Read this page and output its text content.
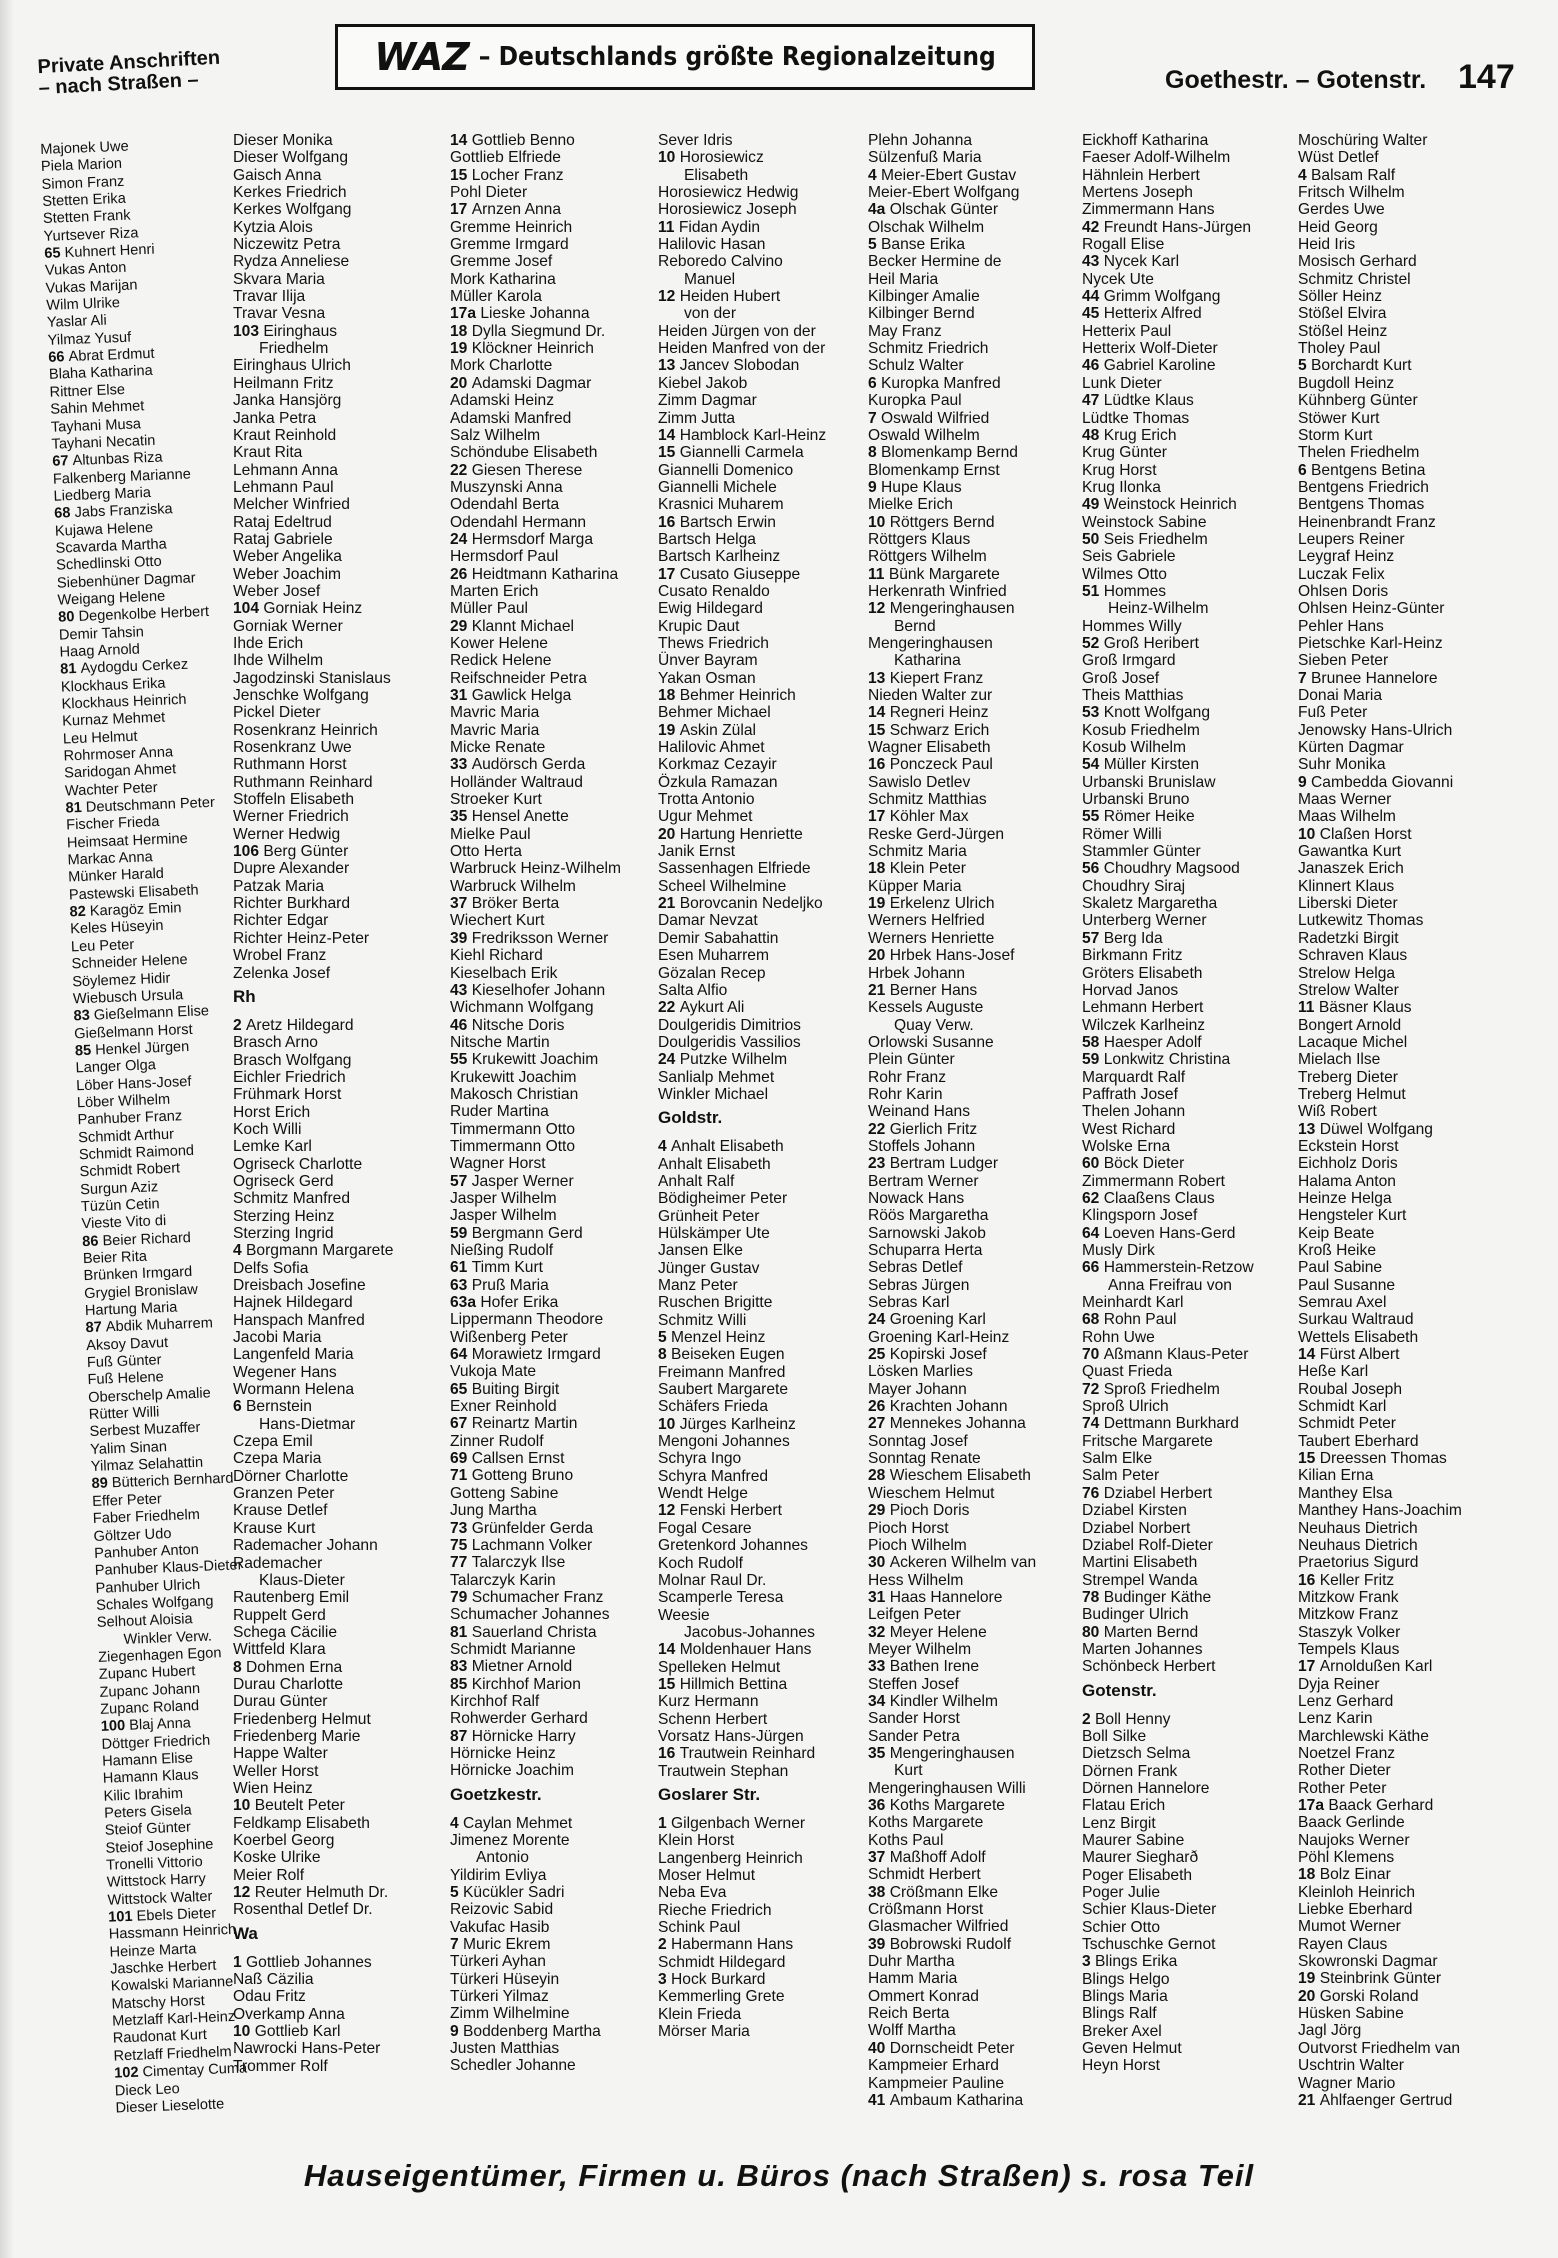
Private Anschriften
– nach Straßen –
WAZ – Deutschlands größte Regionalzeitung
Goethestr. – Gotenstr. 147
Majonek Uwe
Piela Marion
Simon Franz
Stetten Erika
Stetten Frank
Yurtsever Riza
65 Kuhnert Henri
Vukas Anton
Vukas Marijan
Wilm Ulrike
Yaslar Ali
Yilmaz Yusuf
66 Abrat Erdmut
Blaha Katharina
Rittner Else
Sahin Mehmet
Tayhani Musa
Tayhani Necatin
67 Altunbas Riza
Falkenberg Marianne
Liedberg Maria
68 Jabs Franziska
Kujawa Helene
Scavarda Martha
Schedlinski Otto
Siebenhüner Dagmar
Weigang Helene
80 Degenkolbe Herbert
Demir Tahsin
Haag Arnold
81 Aydogdu Cerkez
Klockhaus Erika
Klockhaus Heinrich
Kurnaz Mehmet
Leu Helmut
Rohrmoser Anna
Saridogan Ahmet
Wachter Peter
81 Deutschmann Peter
Fischer Frieda
Heimsaat Hermine
Markac Anna
Münker Harald
Pastewski Elisabeth
82 Karagöz Emin
Keles Hüseyin
Leu Peter
Schneider Helene
Söylemez Hidir
Wiebusch Ursula
83 Gießelmann Elise
Gießelmann Horst
85 Henkel Jürgen
Langer Olga
Löber Hans-Josef
Löber Wilhelm
Panhuber Franz
Schmidt Arthur
Schmidt Raimond
Schmidt Robert
Surgun Aziz
Tüzün Cetin
Vieste Vito di
86 Beier Richard
Beier Rita
Brünken Irmgard
Grygiel Bronislaw
Hartung Maria
87 Abdik Muharrem
Aksoy Davut
Fuß Günter
Fuß Helene
Oberschelp Amalie
Rütter Willi
Serbest Muzaffer
Yalim Sinan
Yilmaz Selahattin
89 Bütterich Bernhard
Effer Peter
Faber Friedhelm
Göltzer Udo
Panhuber Anton
Panhuber Klaus-Dieter
Panhuber Ulrich
Schales Wolfgang
Selhout Aloisia
Winkler Verw.
Ziegenhagen Egon
Zupanc Hubert
Zupanc Johann
Zupanc Roland
100 Blaj Anna
Döttger Friedrich
Hamann Elise
Hamann Klaus
Kilic Ibrahim
Peters Gisela
Steiof Günter
Steiof Josephine
Tronelli Vittorio
Wittstock Harry
Wittstock Walter
101 Ebels Dieter
Hassmann Heinrich
Heinze Marta
Jaschke Herbert
Kowalski Marianne
Matschy Horst
Metzlaff Karl-Heinz
Raudonat Kurt
Retzlaff Friedhelm
102 Cimentay Cuma
Dieck Leo
Dieser Lieselotte
Dieser Monika
Dieser Wolfgang
Gaisch Anna
Kerkes Friedrich
Kerkes Wolfgang
Kytzia Alois
Niczewitz Petra
Rydza Anneliese
Skvara Maria
Travar Ilija
Travar Vesna
103 Eiringhaus
Friedhelm
Eiringhaus Ulrich
Heilmann Fritz
Janka Hansjörg
Janka Petra
Kraut Reinhold
Kraut Rita
Lehmann Anna
Lehmann Paul
Melcher Winfried
Rataj Edeltrud
Rataj Gabriele
Weber Angelika
Weber Joachim
Weber Josef
104 Gorniak Heinz
Gorniak Werner
Ihde Erich
Ihde Wilhelm
Jagodzinski Stanislaus
Jenschke Wolfgang
Pickel Dieter
Rosenkranz Heinrich
Rosenkranz Uwe
Ruthmann Horst
Ruthmann Reinhard
Stoffeln Elisabeth
Werner Friedrich
Werner Hedwig
106 Berg Günter
Dupre Alexander
Patzak Maria
Richter Burkhard
Richter Edgar
Richter Heinz-Peter
Wrobel Franz
Zelenka Josef
Rh
2 Aretz Hildegard
Brasch Arno
Brasch Wolfgang
Eichler Friedrich
Frühmark Horst
Horst Erich
Koch Willi
Lemke Karl
Ogriseck Charlotte
Ogriseck Gerd
Schmitz Manfred
Sterzing Heinz
Sterzing Ingrid
4 Borgmann Margarete
Delfs Sofia
Dreisbach Josefine
Hajnek Hildegard
Hanspach Manfred
Jacobi Maria
Langenfeld Maria
Wegener Hans
Wormann Helena
6 Bernstein
Hans-Dietmar
Czepa Emil
Czepa Maria
Dörner Charlotte
Granzen Peter
Krause Detlef
Krause Kurt
Rademacher Johann
Rademacher
Klaus-Dieter
Rautenberg Emil
Ruppelt Gerd
Schega Cäcilie
Wittfeld Klara
8 Dohmen Erna
Durau Charlotte
Durau Günter
Friedenberg Helmut
Friedenberg Marie
Happe Walter
Weller Horst
Wien Heinz
10 Beutelt Peter
Feldkamp Elisabeth
Koerbel Georg
Koske Ulrike
Meier Rolf
12 Reuter Helmuth Dr.
Rosenthal Detlef Dr.
Wa
1 Gottlieb Johannes
Naß Cäzilia
Odau Fritz
Overkamp Anna
10 Gottlieb Karl
Nawrocki Hans-Peter
Trommer Rolf
14 Gottlieb Benno
Gottlieb Elfriede
15 Locher Franz
Pohl Dieter
17 Arnzen Anna
Gremme Heinrich
Gremme Irmgard
Gremme Josef
Mork Katharina
Müller Karola
17a Lieske Johanna
18 Dylla Siegmund Dr.
19 Klöckner Heinrich
Mork Charlotte
20 Adamski Dagmar
Adamski Heinz
Adamski Manfred
Salz Wilhelm
Schöndube Elisabeth
22 Giesen Therese
Muszynski Anna
Odendahl Berta
Odendahl Hermann
24 Hermsdorf Marga
Hermsdorf Paul
26 Heidtmann Katharina
Marten Erich
Müller Paul
29 Klannt Michael
Kower Helene
Redick Helene
Reifschneider Petra
31 Gawlick Helga
Mavric Maria
Mavric Maria
Micke Renate
33 Audörsch Gerda
Holländer Waltraud
Stroeker Kurt
35 Hensel Anette
Mielke Paul
Otto Herta
Warbruck Heinz-Wilhelm
Warbruck Wilhelm
37 Bröker Berta
Wiechert Kurt
39 Fredriksson Werner
Kiehl Richard
Kieselbach Erik
43 Kieselhofer Johann
Wichmann Wolfgang
46 Nitsche Doris
Nitsche Martin
55 Krukewitt Joachim
Krukewitt Joachim
Makosch Christian
Ruder Martina
Timmermann Otto
Timmermann Otto
Wagner Horst
57 Jasper Werner
Jasper Wilhelm
Jasper Wilhelm
59 Bergmann Gerd
Nießing Rudolf
61 Timm Kurt
63 Pruß Maria
63a Hofer Erika
Lippermann Theodore
Wißenberg Peter
64 Morawietz Irmgard
Vukoja Mate
65 Buiting Birgit
Exner Reinhold
67 Reinartz Martin
Zinner Rudolf
69 Callsen Ernst
71 Gotteng Bruno
Gotteng Sabine
Jung Martha
73 Grünfelder Gerda
75 Lachmann Volker
77 Talarczyk Ilse
Talarczyk Karin
79 Schumacher Franz
Schumacher Johannes
81 Sauerland Christa
Schmidt Marianne
83 Mietner Arnold
85 Kirchhof Marion
Kirchhof Ralf
Rohwerder Gerhard
87 Hörnicke Harry
Hörnicke Heinz
Hörnicke Joachim
Goetzkestr.
4 Caylan Mehmet
Jimenez Morente
Antonio
Yildirim Evliya
5 Kücükler Sadri
Reizovic Sabid
Vakufac Hasib
7 Muric Ekrem
Türkeri Ayhan
Türkeri Hüseyin
Türkeri Yilmaz
Zimm Wilhelmine
9 Boddenberg Martha
Justen Matthias
Schedler Johanne
Sever Idris
10 Horosiewicz
Elisabeth
Horosiewicz Hedwig
Horosiewicz Joseph
11 Fidan Aydin
Halilovic Hasan
Reboredo Calvino
Manuel
12 Heiden Hubert
von der
Heiden Jürgen von der
Heiden Manfred von der
13 Jancev Slobodan
Kiebel Jakob
Zimm Dagmar
Zimm Jutta
14 Hamblock Karl-Heinz
15 Giannelli Carmela
Giannelli Domenico
Giannelli Michele
Krasnici Muharem
16 Bartsch Erwin
Bartsch Helga
Bartsch Karlheinz
17 Cusato Giuseppe
Cusato Renaldo
Ewig Hildegard
Krupic Daut
Thews Friedrich
Ünver Bayram
Yakan Osman
18 Behmer Heinrich
Behmer Michael
19 Askin Zülal
Halilovic Ahmet
Korkmaz Cezayir
Özkula Ramazan
Trotta Antonio
Ugur Mehmet
20 Hartung Henriette
Janik Ernst
Sassenhagen Elfriede
Scheel Wilhelmine
21 Borovcanin Nedeljko
Damar Nevzat
Demir Sabahattin
Esen Muharrem
Gözalan Recep
Salta Alfio
22 Aykurt Ali
Doulgeridis Dimitrios
Doulgeridis Vassilios
24 Putzke Wilhelm
Sanlialp Mehmet
Winkler Michael
Goldstr.
4 Anhalt Elisabeth
Anhalt Elisabeth
Anhalt Ralf
Bödigheimer Peter
Grünheit Peter
Hülskämper Ute
Jansen Elke
Jünger Gustav
Manz Peter
Ruschen Brigitte
Schmitz Willi
5 Menzel Heinz
8 Beiseken Eugen
Freimann Manfred
Saubert Margarete
Schäfers Frieda
10 Jürges Karlheinz
Mengoni Johannes
Schyra Ingo
Schyra Manfred
Wendt Helge
12 Fenski Herbert
Fogal Cesare
Gretenkord Johannes
Koch Rudolf
Molnar Raul Dr.
Scamperle Teresa
Weesie
Jacobus-Johannes
14 Moldenhauer Hans
Spelleken Helmut
15 Hillmich Bettina
Kurz Hermann
Schenn Herbert
Vorsatz Hans-Jürgen
16 Trautwein Reinhard
Trautwein Stephan
Goslarer Str.
1 Gilgenbach Werner
Klein Horst
Langenberg Heinrich
Moser Helmut
Neba Eva
Rieche Friedrich
Schink Paul
2 Habermann Hans
Schmidt Hildegard
3 Hock Burkard
Kemmerling Grete
Klein Frieda
Mörser Maria
Plehn Johanna
Sülzenfuß Maria
4 Meier-Ebert Gustav
Meier-Ebert Wolfgang
4a Olschak Günter
Olschak Wilhelm
5 Banse Erika
Becker Hermine de
Heil Maria
Kilbinger Amalie
Kilbinger Bernd
May Franz
Schmitz Friedrich
Schulz Walter
6 Kuropka Manfred
Kuropka Paul
7 Oswald Wilfried
Oswald Wilhelm
8 Blomenkamp Bernd
Blomenkamp Ernst
9 Hupe Klaus
Mielke Erich
10 Röttgers Bernd
Röttgers Klaus
Röttgers Wilhelm
11 Bünk Margarete
Herkenrath Winfried
12 Mengeringhausen
Bernd
Mengeringhausen
Katharina
13 Kiepert Franz
Nieden Walter zur
14 Regneri Heinz
15 Schwarz Erich
Wagner Elisabeth
16 Ponczeck Paul
Sawislo Detlev
Schmitz Matthias
17 Köhler Max
Reske Gerd-Jürgen
Schmitz Maria
18 Klein Peter
Küpper Maria
19 Erkelenz Ulrich
Werners Helfried
Werners Henriette
20 Hrbek Hans-Josef
Hrbek Johann
21 Berner Hans
Kessels Auguste
Quay Verw.
Orlowski Susanne
Plein Günter
Rohr Franz
Rohr Karin
Weinand Hans
22 Gierlich Fritz
Stoffels Johann
23 Bertram Ludger
Bertram Werner
Nowack Hans
Röös Margaretha
Sarnowski Jakob
Schuparra Herta
Sebras Detlef
Sebras Jürgen
Sebras Karl
24 Groening Karl
Groening Karl-Heinz
25 Kopirski Josef
Lösken Marlies
Mayer Johann
26 Krachten Johann
27 Mennekes Johanna
Sonntag Josef
Sonntag Renate
28 Wieschem Elisabeth
Wieschem Helmut
29 Pioch Doris
Pioch Horst
Pioch Wilhelm
30 Ackeren Wilhelm van
Hess Wilhelm
31 Haas Hannelore
Leifgen Peter
32 Meyer Helene
Meyer Wilhelm
33 Bathen Irene
Steffen Josef
34 Kindler Wilhelm
Sander Horst
Sander Petra
35 Mengeringhausen
Kurt
Mengeringhausen Willi
36 Koths Margarete
Koths Margarete
Koths Paul
37 Maßhoff Adolf
Schmidt Herbert
38 Crößmann Elke
Crößmann Horst
Glasmacher Wilfried
39 Bobrowski Rudolf
Duhr Martha
Hamm Maria
Ommert Konrad
Reich Berta
Wolff Martha
40 Dornscheidt Peter
Kampmeier Erhard
Kampmeier Pauline
41 Ambaum Katharina
Eickhoff Katharina
Faeser Adolf-Wilhelm
Hähnlein Herbert
Mertens Joseph
Zimmermann Hans
42 Freundt Hans-Jürgen
Rogall Elise
43 Nycek Karl
Nycek Ute
44 Grimm Wolfgang
45 Hetterix Alfred
Hetterix Paul
Hetterix Wolf-Dieter
46 Gabriel Karoline
Lunk Dieter
47 Lüdtke Klaus
Lüdtke Thomas
48 Krug Erich
Krug Günter
Krug Horst
Krug Ilonka
49 Weinstock Heinrich
Weinstock Sabine
50 Seis Friedhelm
Seis Gabriele
Wilmes Otto
51 Hommes
Heinz-Wilhelm
Hommes Willy
52 Groß Heribert
Groß Irmgard
Groß Josef
Theis Matthias
53 Knott Wolfgang
Kosub Friedhelm
Kosub Wilhelm
54 Müller Kirsten
Urbanski Brunislaw
Urbanski Bruno
55 Römer Heike
Römer Willi
Stammler Günter
56 Choudhry Magsood
Choudhry Siraj
Skaletz Margaretha
Unterberg Werner
57 Berg Ida
Birkmann Fritz
Gröters Elisabeth
Horvad Janos
Lehmann Herbert
Wilczek Karlheinz
58 Haesper Adolf
59 Lonkwitz Christina
Marquardt Ralf
Paffrath Josef
Thelen Johann
West Richard
Wolske Erna
60 Böck Dieter
Zimmermann Robert
62 Claaßens Claus
Klingsporn Josef
64 Loeven Hans-Gerd
Musly Dirk
66 Hammerstein-Retzow
Anna Freifrau von
Meinhardt Karl
68 Rohn Paul
Rohn Uwe
70 Aßmann Klaus-Peter
Quast Frieda
72 Sproß Friedhelm
Sproß Ulrich
74 Dettmann Burkhard
Fritsche Margarete
Salm Elke
Salm Peter
76 Dziabel Herbert
Dziabel Kirsten
Dziabel Norbert
Dziabel Rolf-Dieter
Martini Elisabeth
Strempel Wanda
78 Budinger Käthe
Budinger Ulrich
80 Marten Bernd
Marten Johannes
Schönbeck Herbert
Gotenstr.
2 Boll Henny
Boll Silke
Dietzsch Selma
Dörnen Frank
Dörnen Hannelore
Flatau Erich
Lenz Birgit
Maurer Sabine
Maurer Siegharð
Poger Elisabeth
Poger Julie
Schier Klaus-Dieter
Schier Otto
Tschuschke Gernot
3 Blings Erika
Blings Helgo
Blings Maria
Blings Ralf
Breker Axel
Geven Helmut
Heyn Horst
Moschüring Walter
Wüst Detlef
4 Balsam Ralf
Fritsch Wilhelm
Gerdes Uwe
Heid Georg
Heid Iris
Mosisch Gerhard
Schmitz Christel
Söller Heinz
Stößel Elvira
Stößel Heinz
Tholey Paul
5 Borchardt Kurt
Bugdoll Heinz
Kühnberg Günter
Stöwer Kurt
Storm Kurt
Thelen Friedhelm
6 Bentgens Betina
Bentgens Friedrich
Bentgens Thomas
Heinenbrandt Franz
Leupers Reiner
Leygraf Heinz
Luczak Felix
Ohlsen Doris
Ohlsen Heinz-Günter
Pehler Hans
Pietschke Karl-Heinz
Sieben Peter
7 Brunee Hannelore
Donai Maria
Fuß Peter
Jenowsky Hans-Ulrich
Kürten Dagmar
Suhr Monika
9 Cambedda Giovanni
Maas Werner
Maas Wilhelm
10 Claßen Horst
Gawantka Kurt
Janaszek Erich
Klinnert Klaus
Liberski Dieter
Lutkewitz Thomas
Radetzki Birgit
Schraven Klaus
Strelow Helga
Strelow Walter
11 Bäsner Klaus
Bongert Arnold
Lacaque Michel
Mielach Ilse
Treberg Dieter
Treberg Helmut
Wiß Robert
13 Düwel Wolfgang
Eckstein Horst
Eichholz Doris
Halama Anton
Heinze Helga
Hengsteler Kurt
Keip Beate
Kroß Heike
Paul Sabine
Paul Susanne
Semrau Axel
Surkau Waltraud
Wettels Elisabeth
14 Fürst Albert
Heße Karl
Roubal Joseph
Schmidt Karl
Schmidt Peter
Taubert Eberhard
15 Dreessen Thomas
Kilian Erna
Manthey Elsa
Manthey Hans-Joachim
Neuhaus Dietrich
Neuhaus Dietrich
Praetorius Sigurd
16 Keller Fritz
Mitzkow Frank
Mitzkow Franz
Staszyk Volker
Tempels Klaus
17 Arnoldußen Karl
Dyja Reiner
Lenz Gerhard
Lenz Karin
Marchlewski Käthe
Noetzel Franz
Rother Dieter
Rother Peter
17a Baack Gerhard
Baack Gerlinde
Naujoks Werner
Pöhl Klemens
18 Bolz Einar
Kleinloh Heinrich
Liebke Eberhard
Mumot Werner
Rayen Claus
Skowronski Dagmar
19 Steinbrink Günter
20 Gorski Roland
Hüsken Sabine
Jagl Jörg
Outvorst Friedhelm van
Uschtrin Walter
Wagner Mario
21 Ahlfaenger Gertrud
Hauseigentümer, Firmen u. Büros (nach Straßen) s. rosa Teil
